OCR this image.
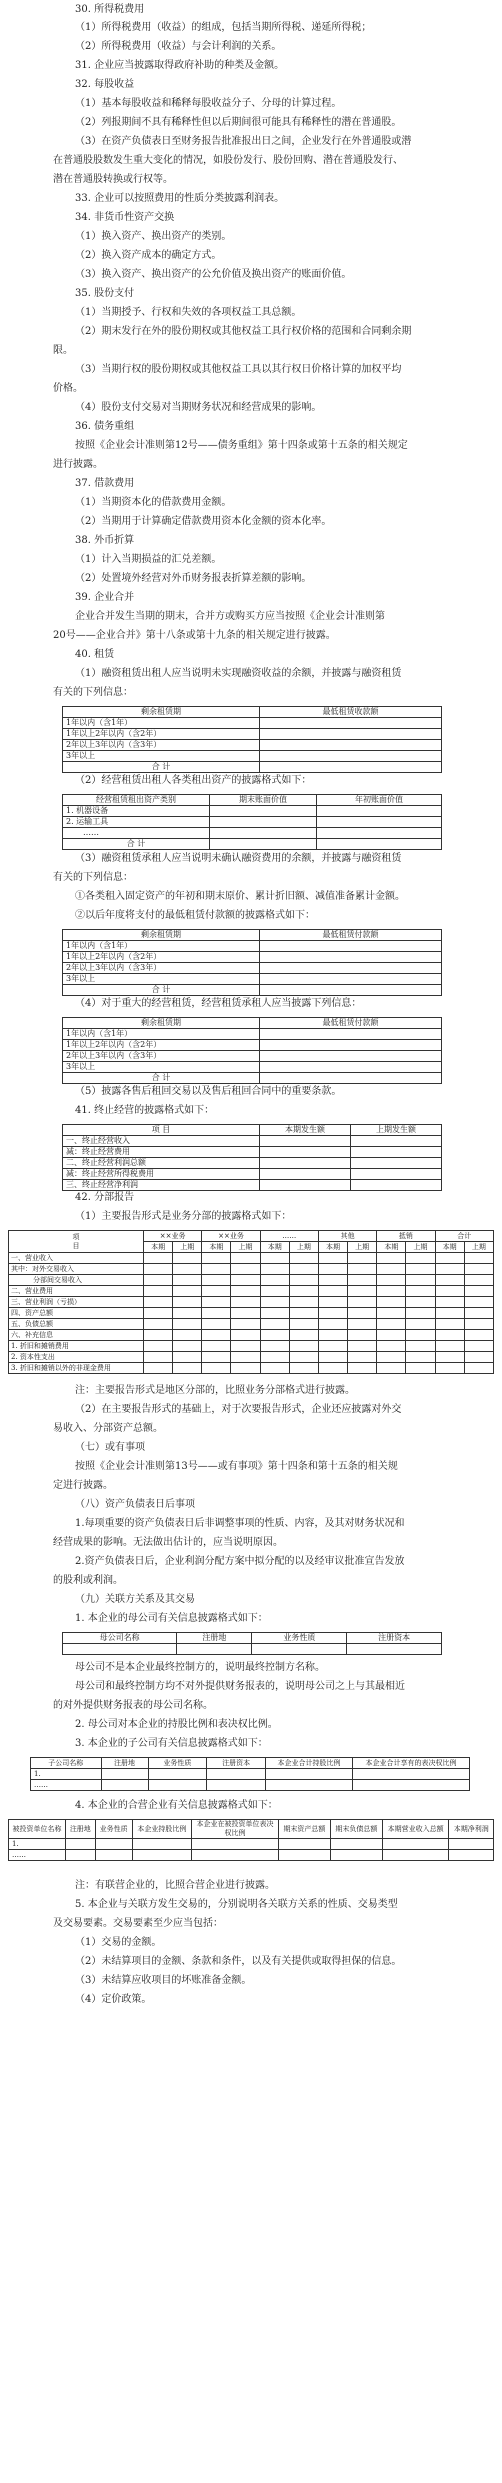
30. 所得税费用
（1）所得税费用（收益）的组成，包括当期所得税、递延所得税；
（2）所得税费用（收益）与会计利润的关系。
31. 企业应当披露取得政府补助的种类及金额。
32. 每股收益
（1）基本每股收益和稀释每股收益分子、分母的计算过程。
（2）列报期间不具有稀释性但以后期间很可能具有稀释性的潜在普通股。
（3）在资产负债表日至财务报告批准报出日之间，企业发行在外普通股或潜
在普通股股数发生重大变化的情况，如股份发行、股份回购、潜在普通股发行、
潜在普通股转换或行权等。
33. 企业可以按照费用的性质分类披露利润表。
34. 非货币性资产交换
（1）换入资产、换出资产的类别。
（2）换入资产成本的确定方式。
（3）换入资产、换出资产的公允价值及换出资产的账面价值。
35. 股份支付
（1）当期授予、行权和失效的各项权益工具总额。
（2）期末发行在外的股份期权或其他权益工具行权价格的范围和合同剩余期
限。
（3）当期行权的股份期权或其他权益工具以其行权日价格计算的加权平均
价格。
（4）股份支付交易对当期财务状况和经营成果的影响。
36. 债务重组
按照《企业会计准则第12号——债务重组》第十四条或第十五条的相关规定
进行披露。
37. 借款费用
（1）当期资本化的借款费用金额。
（2）当期用于计算确定借款费用资本化金额的资本化率。
38. 外币折算
（1）计入当期损益的汇兑差额。
（2）处置境外经营对外币财务报表折算差额的影响。
39. 企业合并
企业合并发生当期的期末，合并方或购买方应当按照《企业会计准则第
20号——企业合并》第十八条或第十九条的相关规定进行披露。
40. 租赁
（1）融资租赁出租人应当说明未实现融资收益的余额，并披露与融资租赁
有关的下列信息：
剩余租赁期	最低租赁收款额
1年以内（含1年）	
1年以上2年以内（含2年）	
2年以上3年以内（含3年）	
3年以上	
合 计	
（2）经营租赁出租人各类租出资产的披露格式如下：
经营租赁租出资产类别	期末账面价值	年初账面价值
1. 机器设备		
2. 运输工具		
……		
合 计		
（3）融资租赁承租人应当说明未确认融资费用的余额，并披露与融资租赁
有关的下列信息：
①各类租入固定资产的年初和期末原价、累计折旧额、减值准备累计金额。
②以后年度将支付的最低租赁付款额的披露格式如下：
剩余租赁期	最低租赁付款额
1年以内（含1年）	
1年以上2年以内（含2年）	
2年以上3年以内（含3年）	
3年以上	
合 计	
（4）对于重大的经营租赁，经营租赁承租人应当披露下列信息：
剩余租赁期	最低租赁付款额
1年以内（含1年）	
1年以上2年以内（含2年）	
2年以上3年以内（含3年）	
3年以上	
合 计	
（5）披露各售后租回交易以及售后租回合同中的重要条款。
41. 终止经营的披露格式如下：
项 目	本期发生额	上期发生额
一、终止经营收入		
减：终止经营费用		
二、终止经营利润总额		
减：终止经营所得税费用		
三、终止经营净利润		
42. 分部报告
（1）主要报告形式是业务分部的披露格式如下：
项
目	××业务		××业务		……		其他		抵销		合计	
	本期	上期	本期	上期	本期	上期	本期	上期	本期	上期	本期	上期
一、营业收入												
其中：对外交易收入												
分部间交易收入												
二、营业费用												
三、营业利润（亏损）												
四、资产总额												
五、负债总额												
六、补充信息												
1. 折旧和摊销费用												
2. 资本性支出												
3. 折旧和摊销以外的非现金费用												
注：主要报告形式是地区分部的，比照业务分部格式进行披露。
（2）在主要报告形式的基础上，对于次要报告形式，企业还应披露对外交
易收入、分部资产总额。
（七）或有事项
按照《企业会计准则第13号——或有事项》第十四条和第十五条的相关规
定进行披露。
（八）资产负债表日后事项
1.每项重要的资产负债表日后非调整事项的性质、内容，及其对财务状况和
经营成果的影响。无法做出估计的，应当说明原因。
2.资产负债表日后，企业利润分配方案中拟分配的以及经审议批准宣告发放
的股利或利润。
（九）关联方关系及其交易
1. 本企业的母公司有关信息披露格式如下：
母公司名称	注册地	业务性质	注册资本

母公司不是本企业最终控制方的，说明最终控制方名称。
母公司和最终控制方均不对外提供财务报表的，说明母公司之上与其最相近
的对外提供财务报表的母公司名称。
2. 母公司对本企业的持股比例和表决权比例。
3. 本企业的子公司有关信息披露格式如下：
子公司名称	注册地	业务性质	注册资本	本企业合计持股比例	本企业合计享有的表决权比例
1.					
……					
4. 本企业的合营企业有关信息披露格式如下：
被投资单位名称	注册地	业务性质	本企业持股比例	本企业在被投资单位表决权比例	期末资产总额	期末负债总额	本期营业收入总额	本期净利润
1.								
……								
注：有联营企业的，比照合营企业进行披露。
5. 本企业与关联方发生交易的，分别说明各关联方关系的性质、交易类型
及交易要素。交易要素至少应当包括：
（1）交易的金额。
（2）未结算项目的金额、条款和条件，以及有关提供或取得担保的信息。
（3）未结算应收项目的坏账准备金额。
（4）定价政策。
